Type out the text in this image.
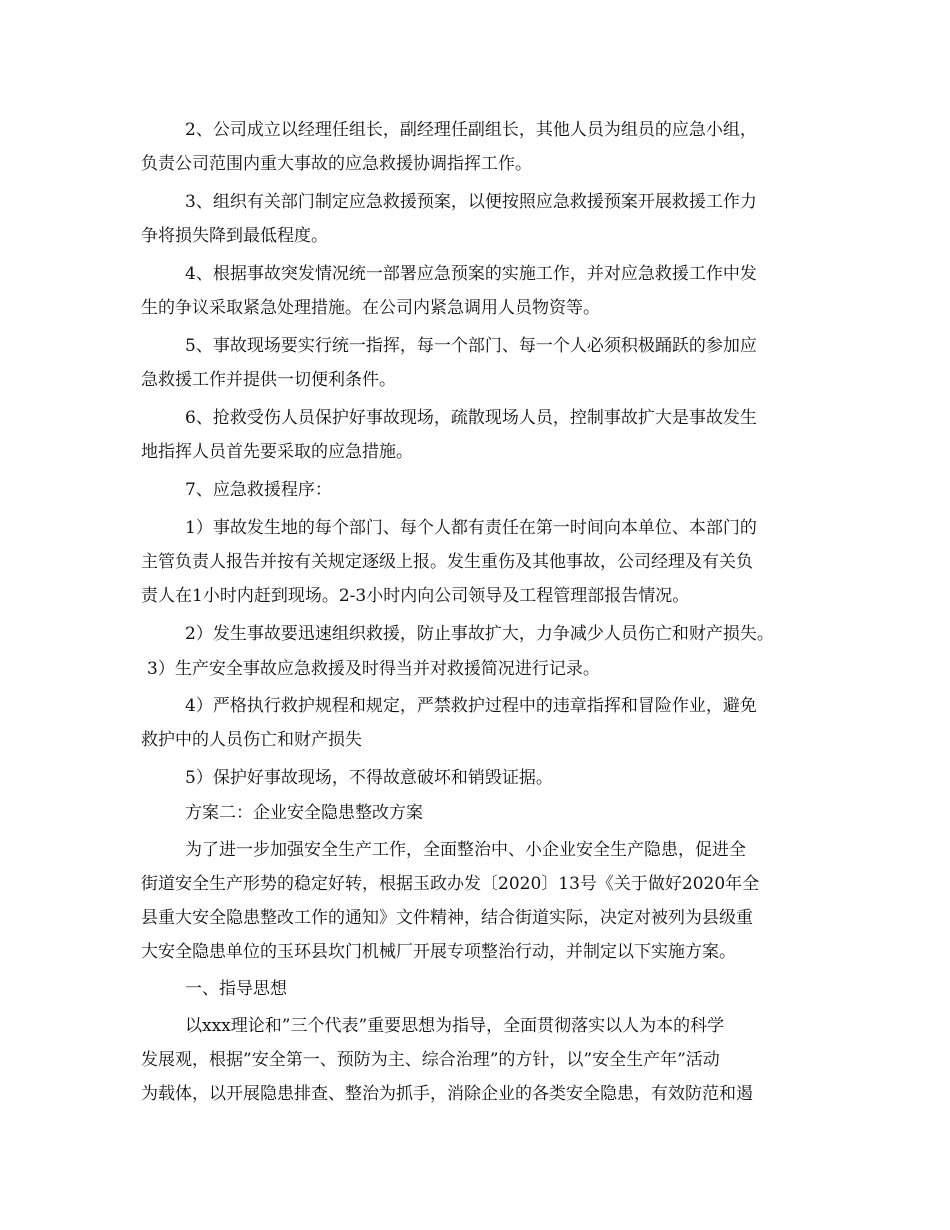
2、公司成立以经理任组长，副经理任副组长，其他人员为组员的应急小组，
负责公司范围内重大事故的应急救援协调指挥工作。
3、组织有关部门制定应急救援预案，以便按照应急救援预案开展救援工作力
争将损失降到最低程度。
4、根据事故突发情况统一部署应急预案的实施工作，并对应急救援工作中发
生的争议采取紧急处理措施。在公司内紧急调用人员物资等。
5、事故现场要实行统一指挥，每一个部门、每一个人必须积极踊跃的参加应
急救援工作并提供一切便利条件。
6、抢救受伤人员保护好事故现场，疏散现场人员，控制事故扩大是事故发生
地指挥人员首先要采取的应急措施。
7、应急救援程序：
1）事故发生地的每个部门、每个人都有责任在第一时间向本单位、本部门的
主管负责人报告并按有关规定逐级上报。发生重伤及其他事故，公司经理及有关负
责人在1小时内赶到现场。2-3小时内向公司领导及工程管理部报告情况。
2）发生事故要迅速组织救援，防止事故扩大，力争减少人员伤亡和财产损失。
3）生产安全事故应急救援及时得当并对救援简况进行记录。
4）严格执行救护规程和规定，严禁救护过程中的违章指挥和冒险作业，避免
救护中的人员伤亡和财产损失
5）保护好事故现场，不得故意破坏和销毁证据。
方案二：企业安全隐患整改方案
为了进一步加强安全生产工作，全面整治中、小企业安全生产隐患，促进全
街道安全生产形势的稳定好转，根据玉政办发〔2020〕13号《关于做好2020年全
县重大安全隐患整改工作的通知》文件精神，结合街道实际，决定对被列为县级重
大安全隐患单位的玉环县坎门机械厂开展专项整治行动，并制定以下实施方案。
一、指导思想
以xxx理论和”三个代表”重要思想为指导，全面贯彻落实以人为本的科学
发展观，根据”安全第一、预防为主、综合治理”的方针，以”安全生产年”活动
为载体，以开展隐患排查、整治为抓手，消除企业的各类安全隐患，有效防范和遏
